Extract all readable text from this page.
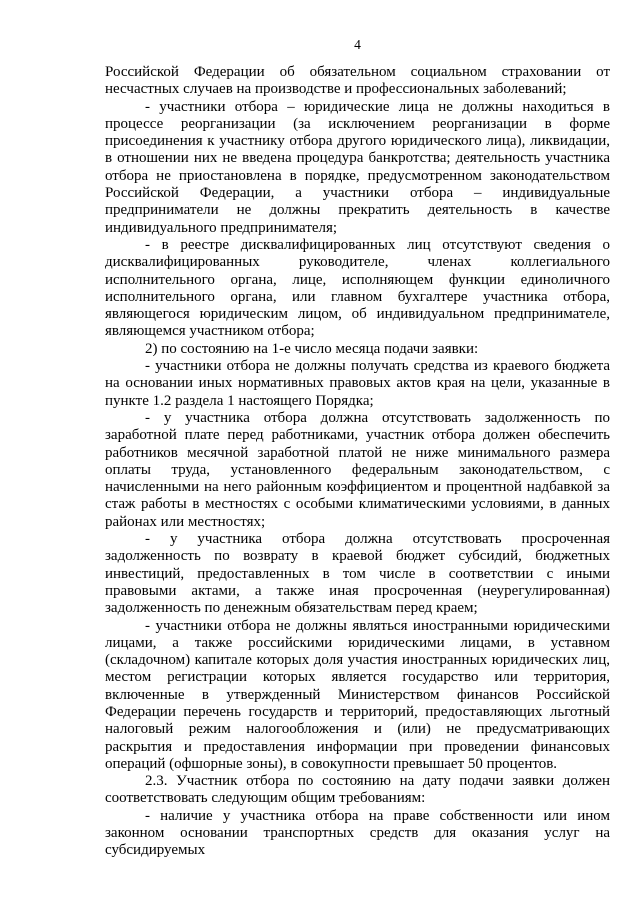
4

Российской Федерации об обязательном социальном страховании от несчастных случаев на производстве и профессиональных заболеваний;

- участники отбора – юридические лица не должны находиться в процессе реорганизации (за исключением реорганизации в форме присоединения к участнику отбора другого юридического лица), ликвидации, в отношении них не введена процедура банкротства; деятельность участника отбора не приостановлена в порядке, предусмотренном законодательством Российской Федерации, а участники отбора – индивидуальные предприниматели не должны прекратить деятельность в качестве индивидуального предпринимателя;

- в реестре дисквалифицированных лиц отсутствуют сведения о дисквалифицированных руководителе, членах коллегиального исполнительного органа, лице, исполняющем функции единоличного исполнительного органа, или главном бухгалтере участника отбора, являющегося юридическим лицом, об индивидуальном предпринимателе, являющемся участником отбора;

2) по состоянию на 1-е число месяца подачи заявки:

- участники отбора не должны получать средства из краевого бюджета на основании иных нормативных правовых актов края на цели, указанные в пункте 1.2 раздела 1 настоящего Порядка;

- у участника отбора должна отсутствовать задолженность по заработной плате перед работниками, участник отбора должен обеспечить работников месячной заработной платой не ниже минимального размера оплаты труда, установленного федеральным законодательством, с начисленными на него районным коэффициентом и процентной надбавкой за стаж работы в местностях с особыми климатическими условиями, в данных районах или местностях;

- у участника отбора должна отсутствовать просроченная задолженность по возврату в краевой бюджет субсидий, бюджетных инвестиций, предоставленных в том числе в соответствии с иными правовыми актами, а также иная просроченная (неурегулированная) задолженность по денежным обязательствам перед краем;

- участники отбора не должны являться иностранными юридическими лицами, а также российскими юридическими лицами, в уставном (складочном) капитале которых доля участия иностранных юридических лиц, местом регистрации которых является государство или территория, включенные в утвержденный Министерством финансов Российской Федерации перечень государств и территорий, предоставляющих льготный налоговый режим налогообложения и (или) не предусматривающих раскрытия и предоставления информации при проведении финансовых операций (офшорные зоны), в совокупности превышает 50 процентов.

2.3. Участник отбора по состоянию на дату подачи заявки должен соответствовать следующим общим требованиям:

- наличие у участника отбора на праве собственности или ином законном основании транспортных средств для оказания услуг на субсидируемых
